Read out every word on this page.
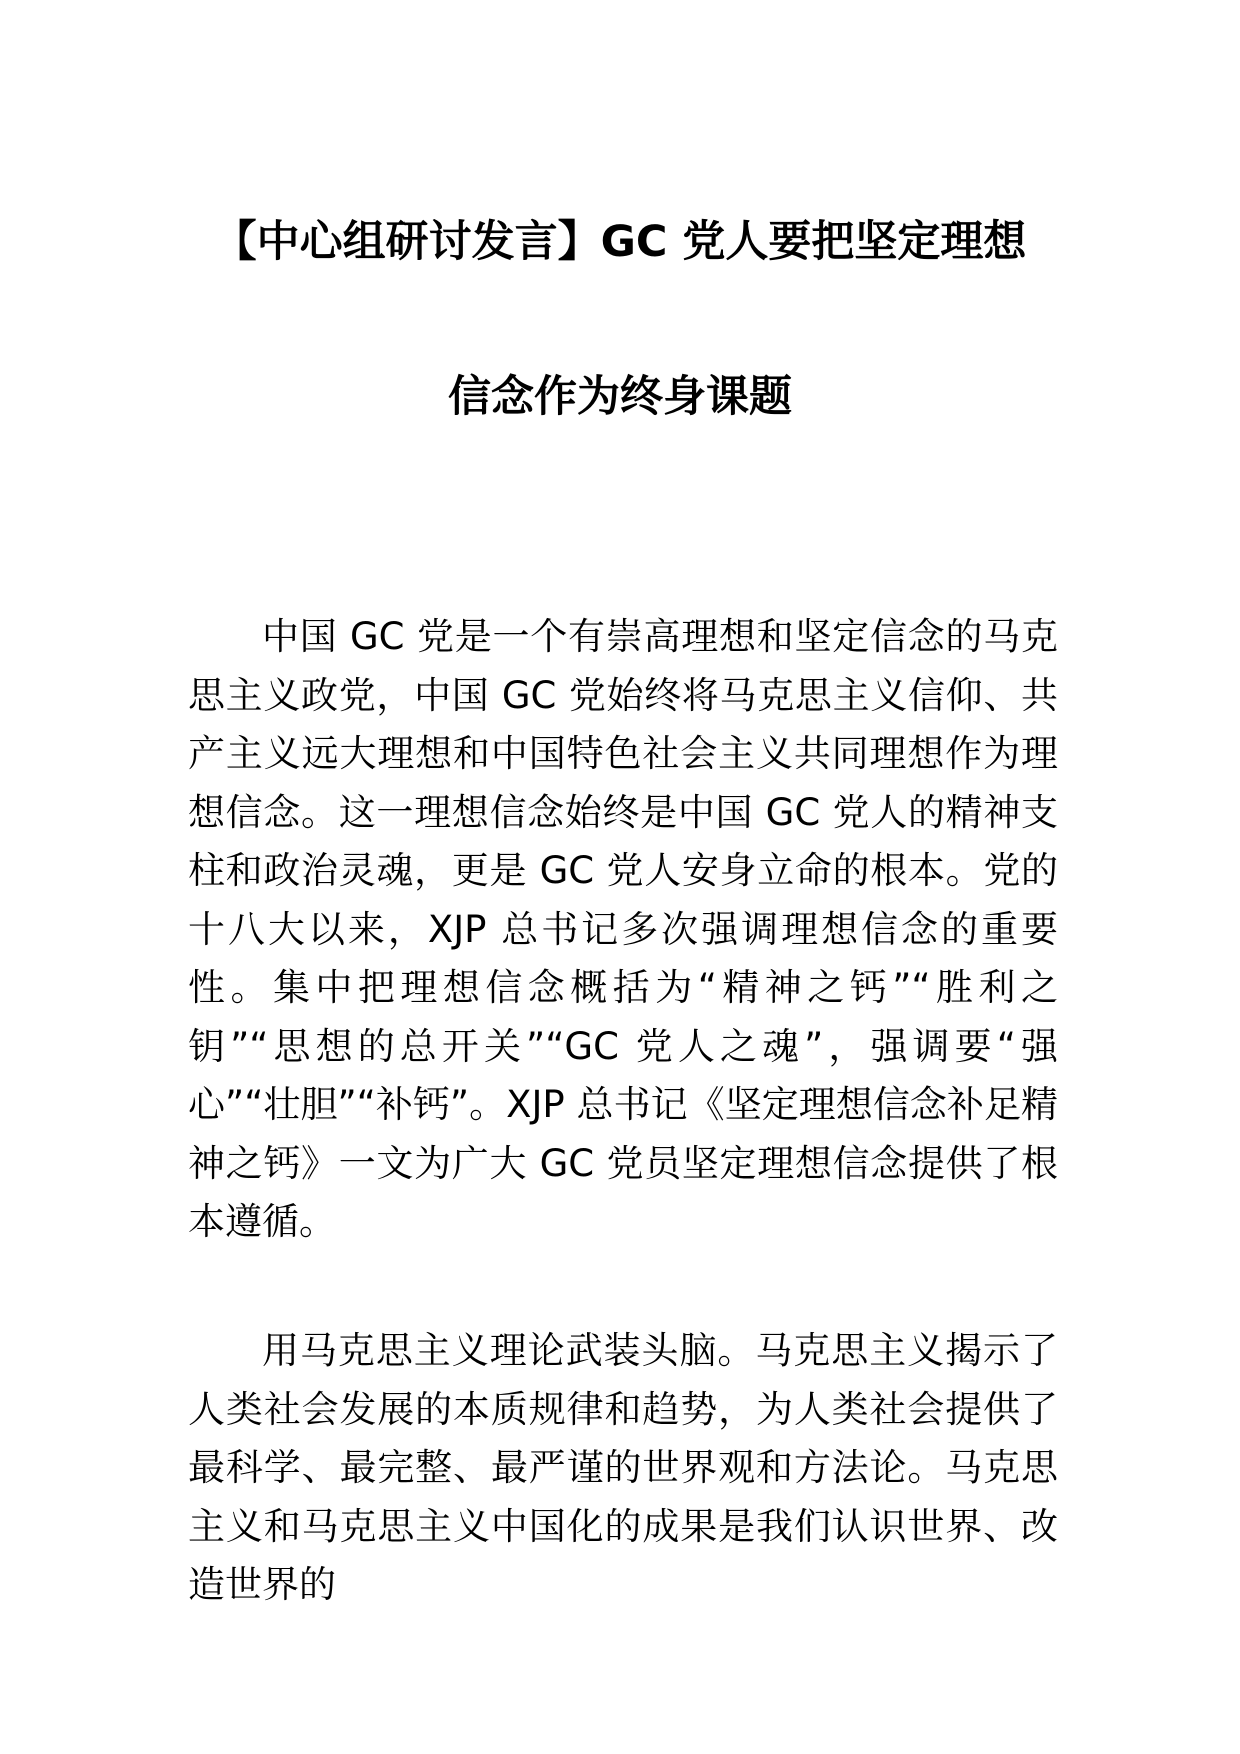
【中心组研讨发言】GC 党人要把坚定理想
信念作为终身课题

中国 GC 党是一个有崇高理想和坚定信念的马克思主义政党，中国 GC 党始终将马克思主义信仰、共产主义远大理想和中国特色社会主义共同理想作为理想信念。这一理想信念始终是中国 GC 党人的精神支柱和政治灵魂，更是 GC 党人安身立命的根本。党的十八大以来，XJP 总书记多次强调理想信念的重要性。集中把理想信念概括为“精神之钙”“胜利之钥”“思想的总开关”“GC 党人之魂”，强调要“强心”“壮胆”“补钙”。XJP 总书记《坚定理想信念补足精神之钙》一文为广大 GC 党员坚定理想信念提供了根本遵循。

用马克思主义理论武装头脑。马克思主义揭示了人类社会发展的本质规律和趋势，为人类社会提供了最科学、最完整、最严谨的世界观和方法论。马克思主义和马克思主义中国化的成果是我们认识世界、改造世界的
